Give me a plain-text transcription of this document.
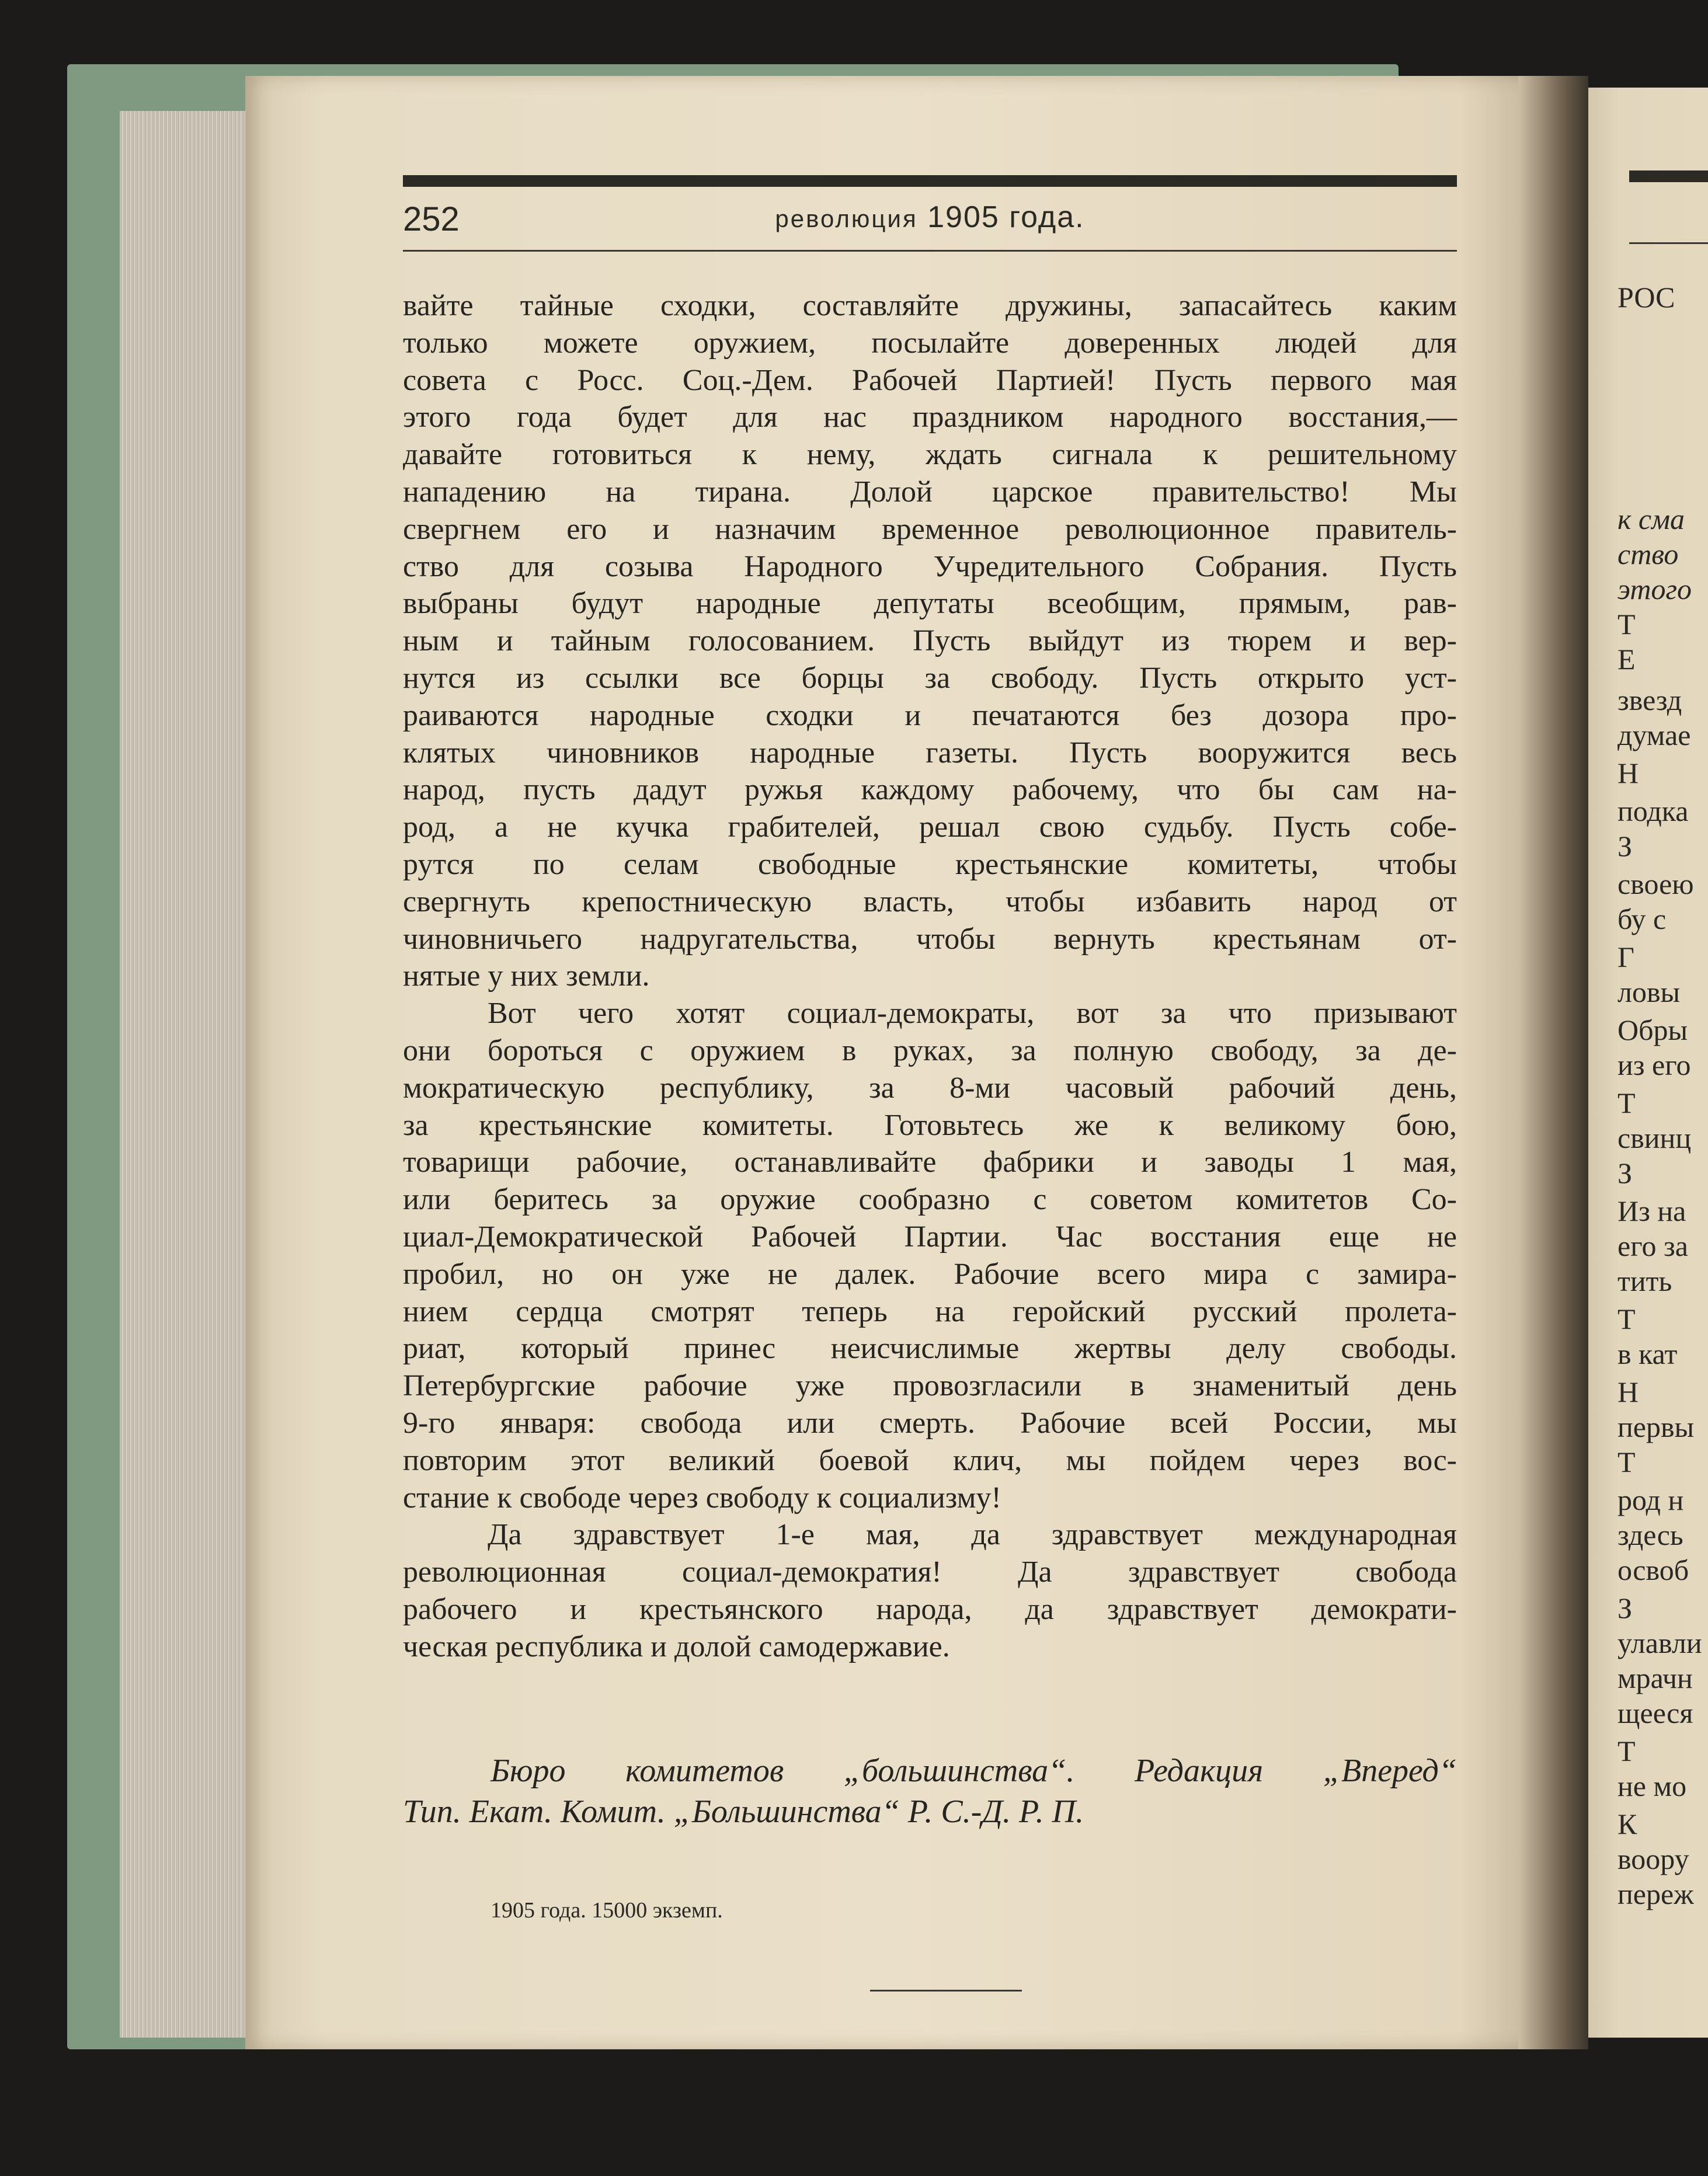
252	революция 1905 года.
вайте тайные сходки, составляйте дружины, запасайтесь каким
только можете оружием, посылайте доверенных людей для
совета с Росс. Соц.-Дем. Рабочей Партией! Пусть первого мая
этого года будет для нас праздником народного восстания,—
давайте готовиться к нему, ждать сигнала к решительному
нападению на тирана. Долой царское правительство! Мы
свергнем его и назначим временное революционное правитель-
ство для созыва Народного Учредительного Собрания. Пусть
выбраны будут народные депутаты всеобщим, прямым, рав-
ным и тайным голосованием. Пусть выйдут из тюрем и вер-
нутся из ссылки все борцы за свободу. Пусть открыто уст-
раиваются народные сходки и печатаются без дозора про-
клятых чиновников народные газеты. Пусть вооружится весь
народ, пусть дадут ружья каждому рабочему, что бы сам на-
род, а не кучка грабителей, решал свою судьбу. Пусть собе-
рутся по селам свободные крестьянские комитеты, чтобы
свергнуть крепостническую власть, чтобы избавить народ от
чиновничьего надругательства, чтобы вернуть крестьянам от-
нятые у них земли.
Вот чего хотят социал-демократы, вот за что призывают
они бороться с оружием в руках, за полную свободу, за де-
мократическую республику, за 8-ми часовый рабочий день,
за крестьянские комитеты. Готовьтесь же к великому бою,
товарищи рабочие, останавливайте фабрики и заводы 1 мая,
или беритесь за оружие сообразно с советом комитетов Со-
циал-Демократической Рабочей Партии. Час восстания еще не
пробил, но он уже не далек. Рабочие всего мира с замира-
нием сердца смотрят теперь на геройский русский пролета-
риат, который принес неисчислимые жертвы делу свободы.
Петербургские рабочие уже провозгласили в знаменитый день
9-го января: свобода или смерть. Рабочие всей России, мы
повторим этот великий боевой клич, мы пойдем через вос-
стание к свободе через свободу к социализму!
Да здравствует 1-е мая, да здравствует международная
революционная социал-демократия! Да здравствует свобода
рабочего и крестьянского народа, да здравствует демократи-
ческая республика и долой самодержавие.
Бюро комитетов „большинства“. Редакция „Вперед“
Тип. Екат. Комит. „Большинства“ Р. С.-Д. Р. П.
1905 года. 15000 экземп.
РОС
к сма
ство
этого
Т
Е
звезд
думае
Н
подка
З
своею
бу с
Г
ловы
Обры
из его
Т
свинц
З
Из на
его за
тить
Т
в кат
Н
первы
Т
род н
здесь
освоб
З
улавли
мрачн
щееся
Т
не мо
К
воору
переж
